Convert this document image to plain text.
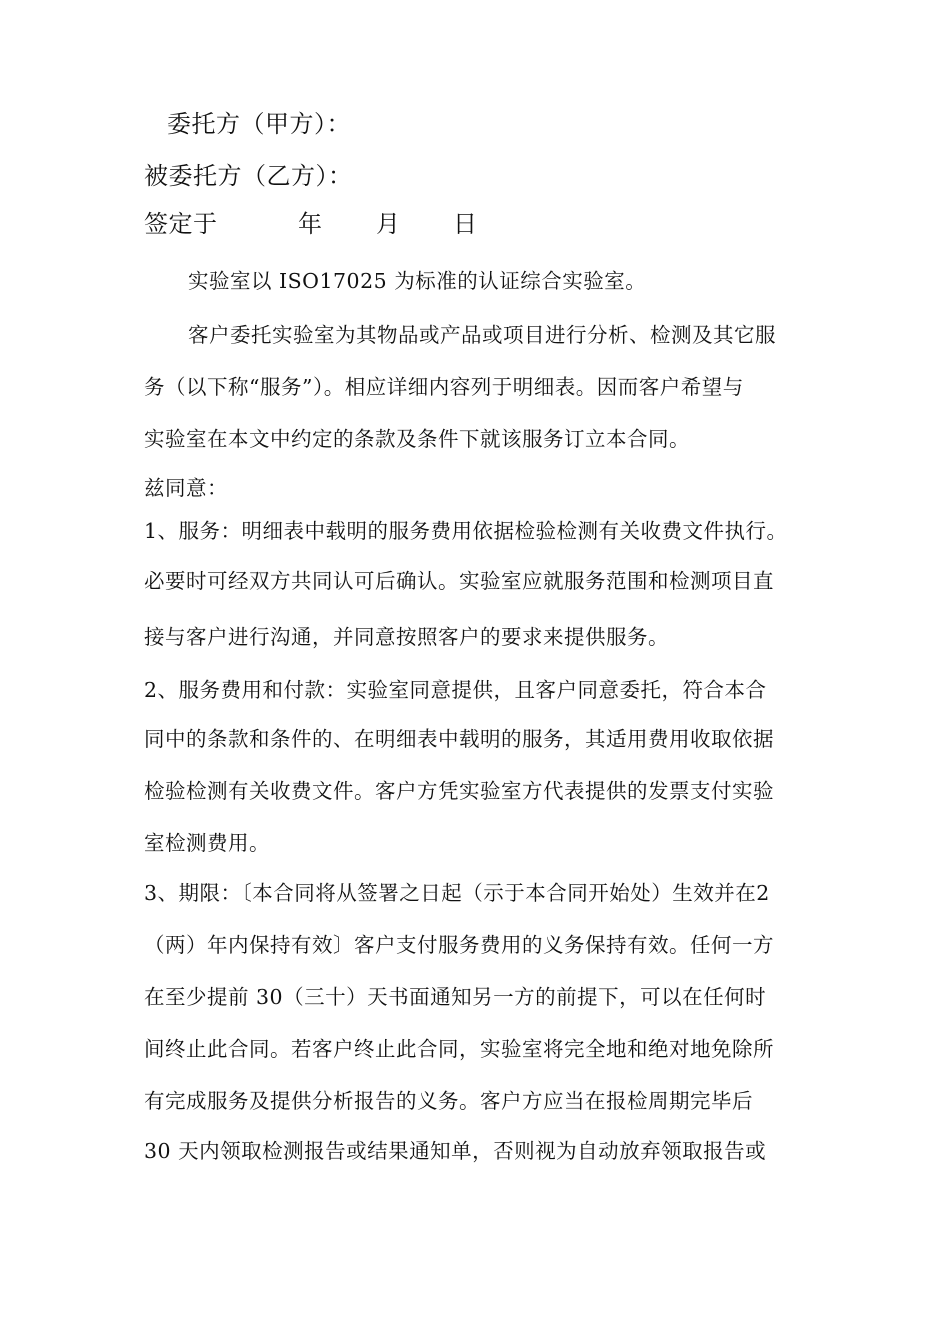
委托方（甲方）：
被委托方（乙方）：
签定于	年 月 日
实验室以 ISO17025 为标准的认证综合实验室。
客户委托实验室为其物品或产品或项目进行分析、检测及其它服
务（以下称“服务”）。相应详细内容列于明细表。因而客户希望与
实验室在本文中约定的条款及条件下就该服务订立本合同。
兹同意：
1、服务：明细表中载明的服务费用依据检验检测有关收费文件执行。
必要时可经双方共同认可后确认。实验室应就服务范围和检测项目直
接与客户进行沟通，并同意按照客户的要求来提供服务。
2、服务费用和付款：实验室同意提供，且客户同意委托，符合本合
同中的条款和条件的、在明细表中载明的服务，其适用费用收取依据
检验检测有关收费文件。客户方凭实验室方代表提供的发票支付实验
室检测费用。
3、期限：〔本合同将从签署之日起（示于本合同开始处）生效并在2
（两）年内保持有效〕客户支付服务费用的义务保持有效。任何一方
在至少提前 30（三十）天书面通知另一方的前提下，可以在任何时
间终止此合同。若客户终止此合同，实验室将完全地和绝对地免除所
有完成服务及提供分析报告的义务。客户方应当在报检周期完毕后
30 天内领取检测报告或结果通知单，否则视为自动放弃领取报告或
